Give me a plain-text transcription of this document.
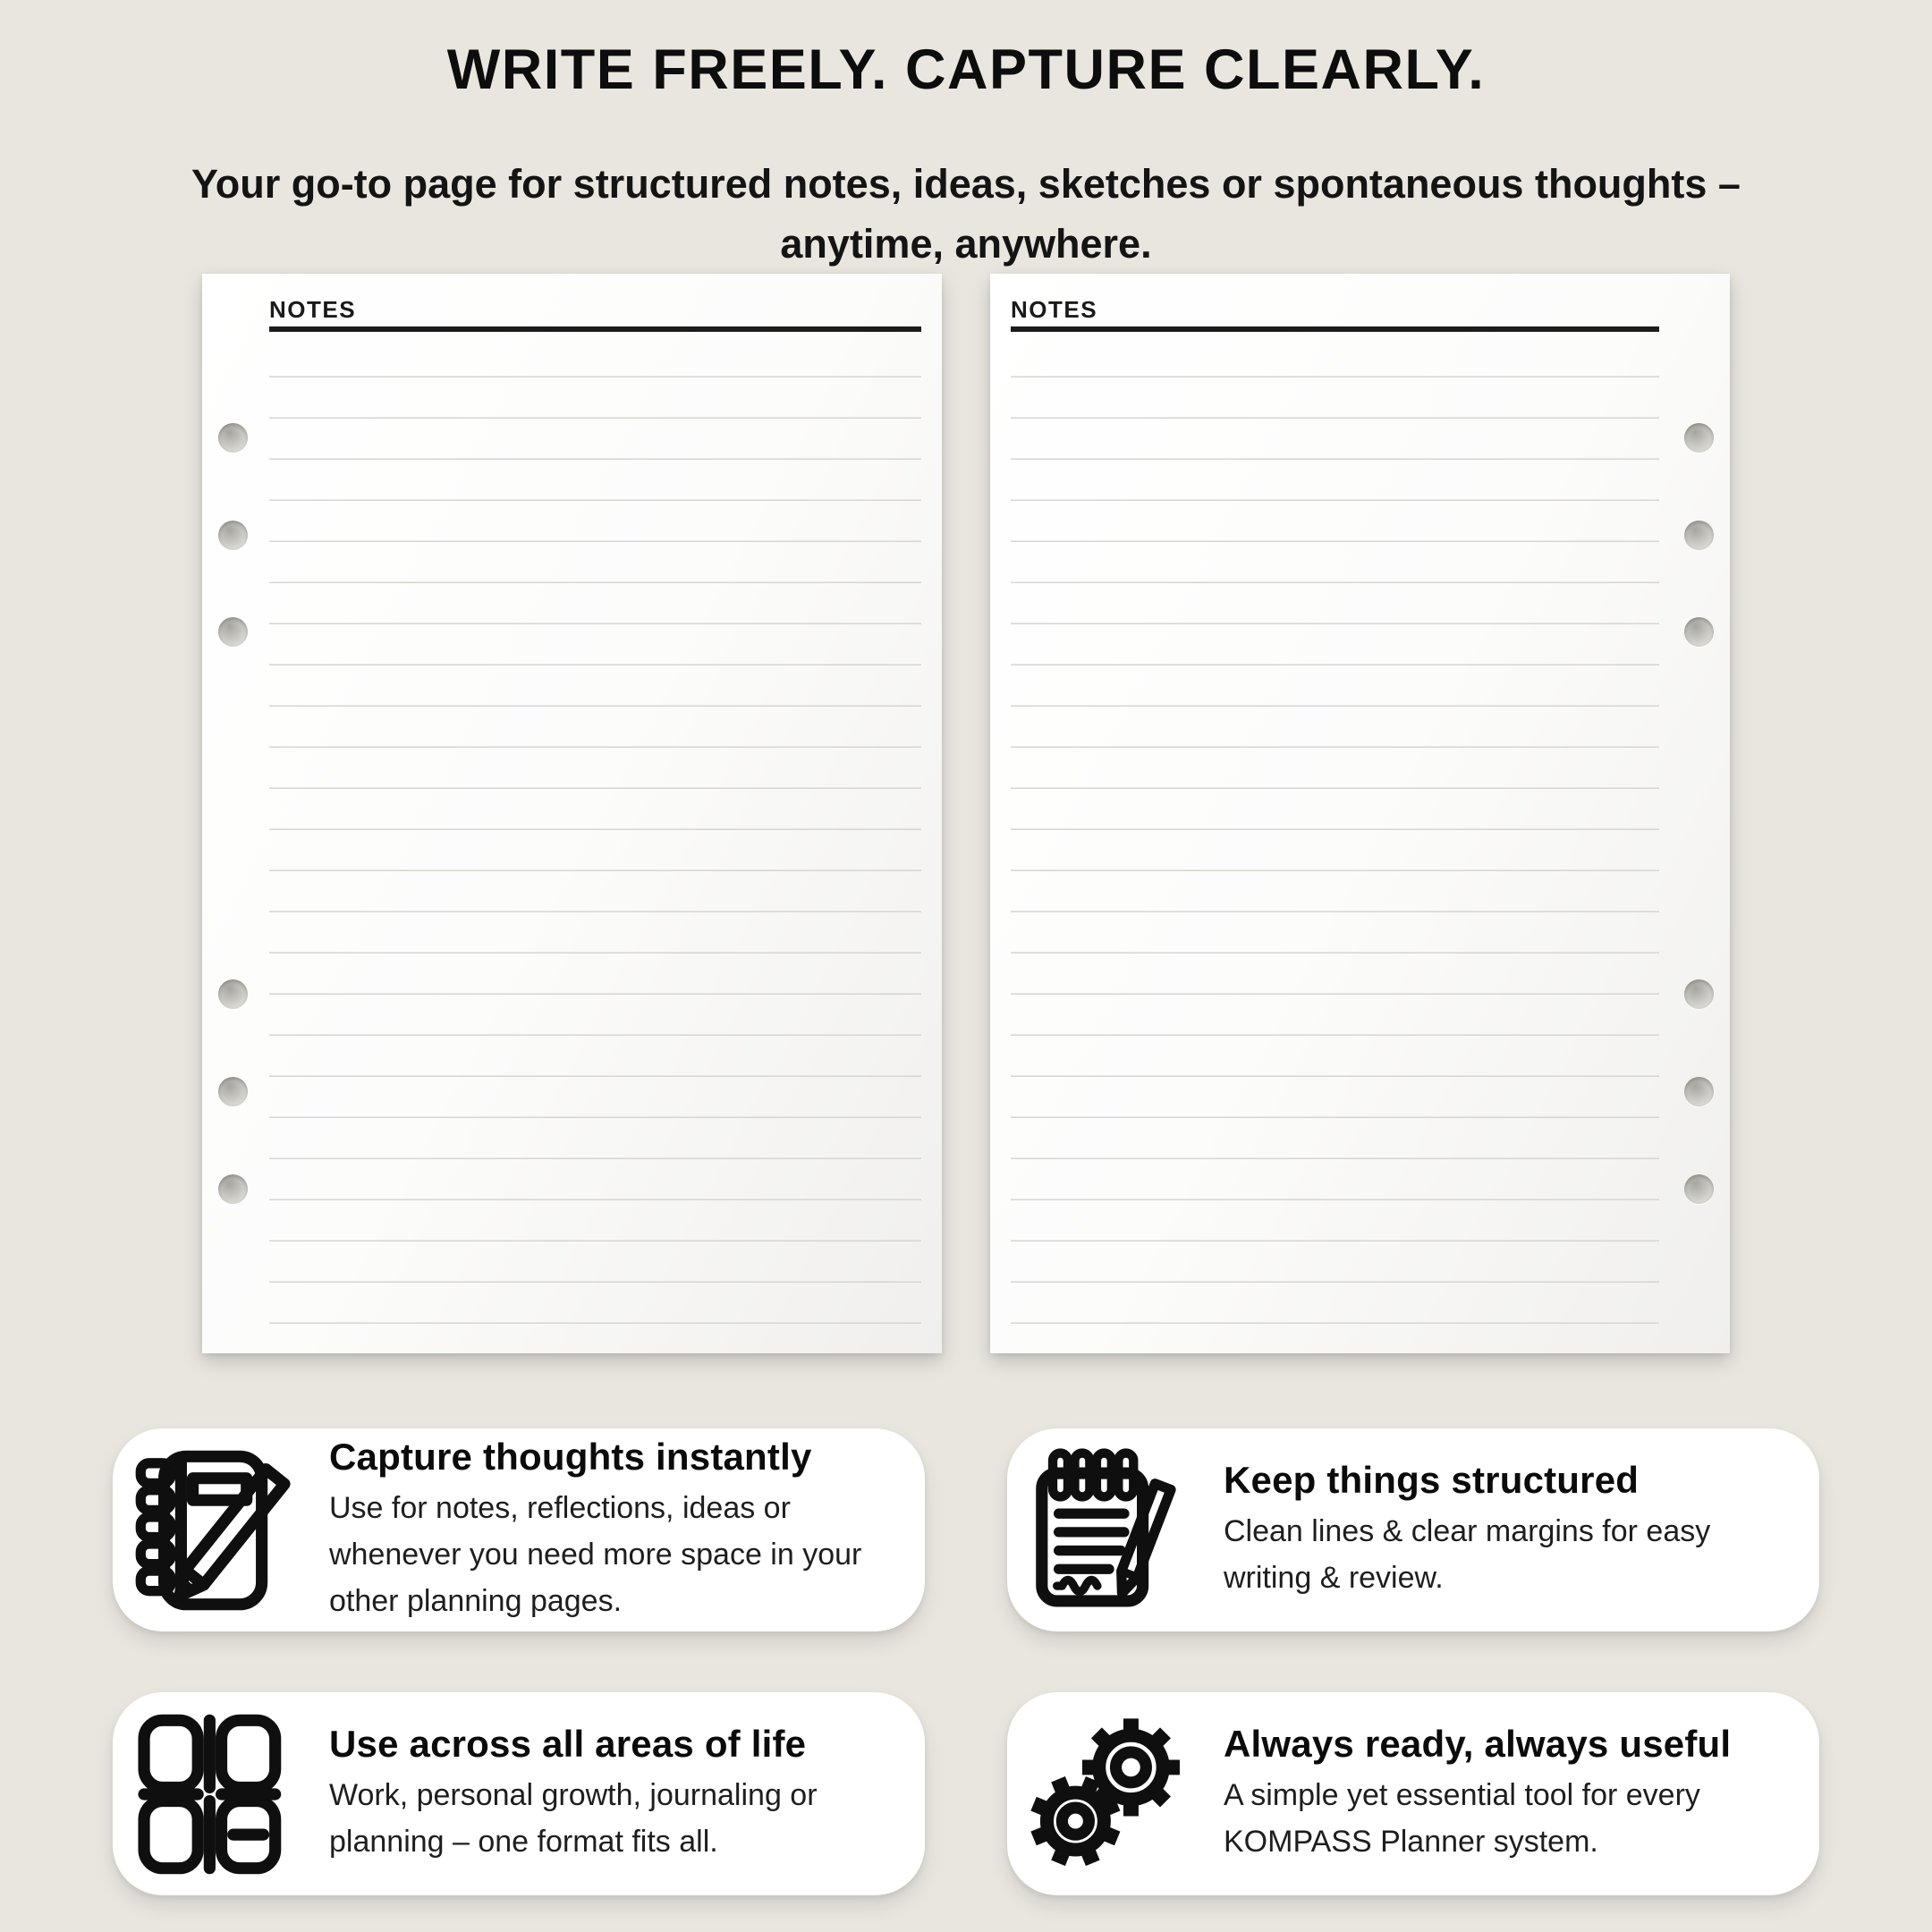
WRITE FREELY. CAPTURE CLEARLY.
Your go-to page for structured notes, ideas, sketches or spontaneous thoughts –
anytime, anywhere.
NOTES	NOTES
Capture thoughts instantly
Use for notes, reflections, ideas or whenever you need more space in your other planning pages.
Keep things structured
Clean lines & clear margins for easy writing & review.
Use across all areas of life
Work, personal growth, journaling or planning – one format fits all.
Always ready, always useful
A simple yet essential tool for every KOMPASS Planner system.
